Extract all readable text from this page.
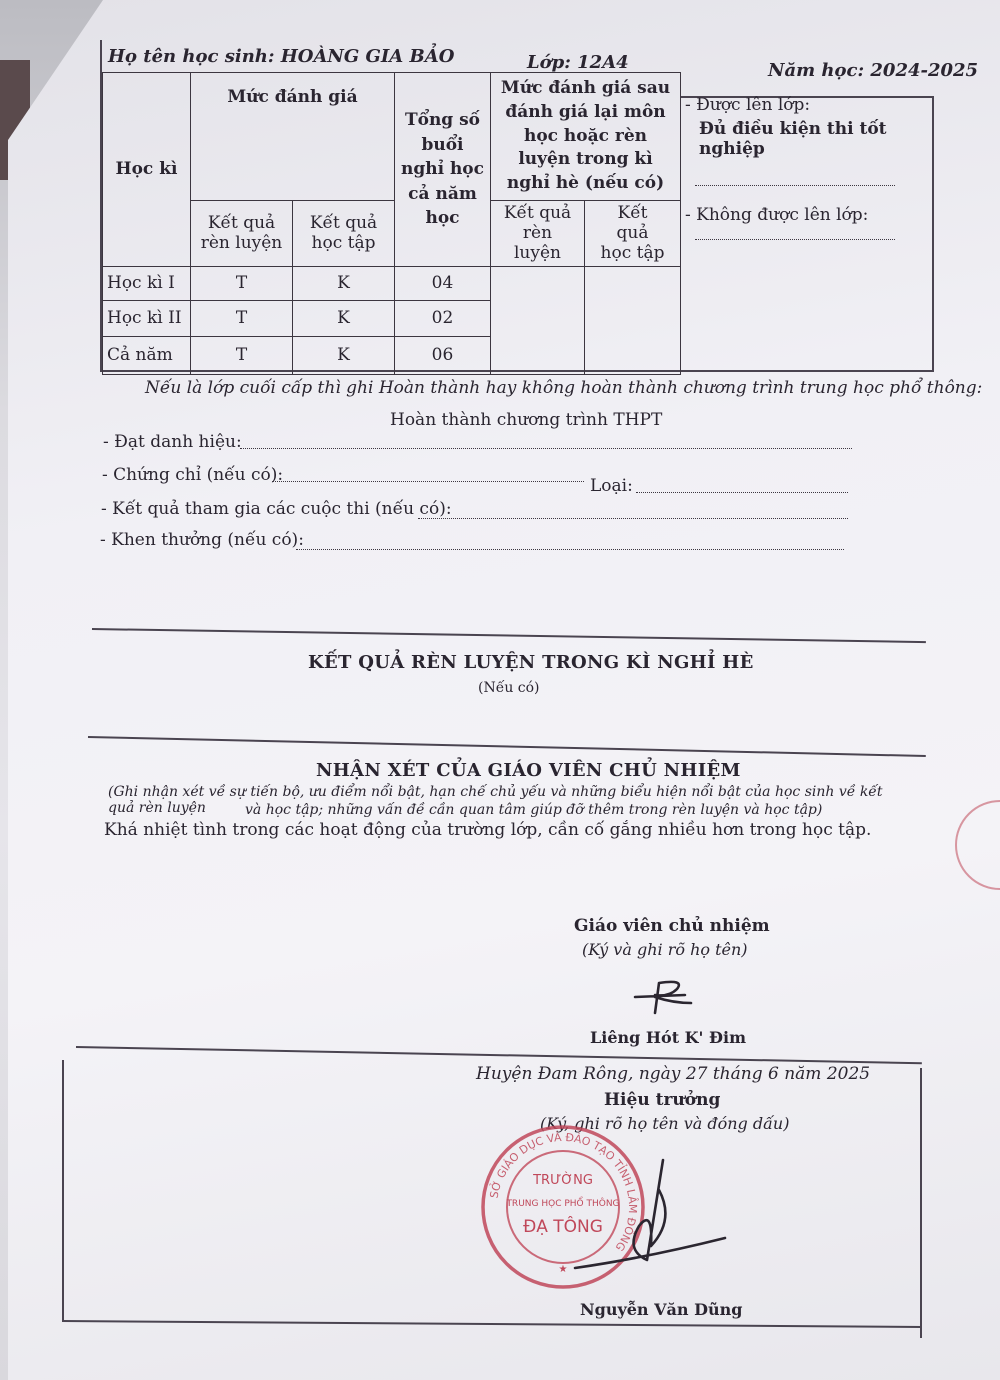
Họ tên học sinh: HOÀNG GIA BẢO	Lớp: 12A4	Năm học: 2024-2025
Học kì	Mức đánh giá		Tổng số buổi nghỉ học cả năm học	Mức đánh giá sau đánh giá lại môn học hoặc rèn luyện trong kì nghỉ hè (nếu có)	
	Kết quả rèn luyện	Kết quả học tập		Kết quả rèn luyện	Kết quả học tập
Học kì I	T	K	04		
Học kì II	T	K	02		
Cả năm	T	K	06		
- Được lên lớp:
Đủ điều kiện thi tốt nghiệp
- Không được lên lớp:
Nếu là lớp cuối cấp thì ghi Hoàn thành hay không hoàn thành chương trình trung học phổ thông:
Hoàn thành chương trình THPT
- Đạt danh hiệu:
- Chứng chỉ (nếu có):
Loại:
- Kết quả tham gia các cuộc thi (nếu có):
- Khen thưởng (nếu có):
KẾT QUẢ RÈN LUYỆN TRONG KÌ NGHỈ HÈ
(Nếu có)
NHẬN XÉT CỦA GIÁO VIÊN CHỦ NHIỆM
(Ghi nhận xét về sự tiến bộ, ưu điểm nổi bật, hạn chế chủ yếu và những biểu hiện nổi bật của học sinh về kết quả rèn luyện	và học tập; những vấn đề cần quan tâm giúp đỡ thêm trong rèn luyện và học tập)
Khá nhiệt tình trong các hoạt động của trường lớp, cần cố gắng nhiều hơn trong học tập.
Giáo viên chủ nhiệm
(Ký và ghi rõ họ tên)
Liêng Hót K' Đim
Huyện Đam Rông, ngày 27 tháng 6 năm 2025
Hiệu trưởng
(Ký, ghi rõ họ tên và đóng dấu)
SỞ GIÁO DỤC VÀ ĐÀO TẠO TỈNH LÂM ĐỒNG
TRƯỜNG
TRUNG HỌC PHỔ THÔNG
ĐẠ TÔNG
★
Nguyễn Văn Dũng
